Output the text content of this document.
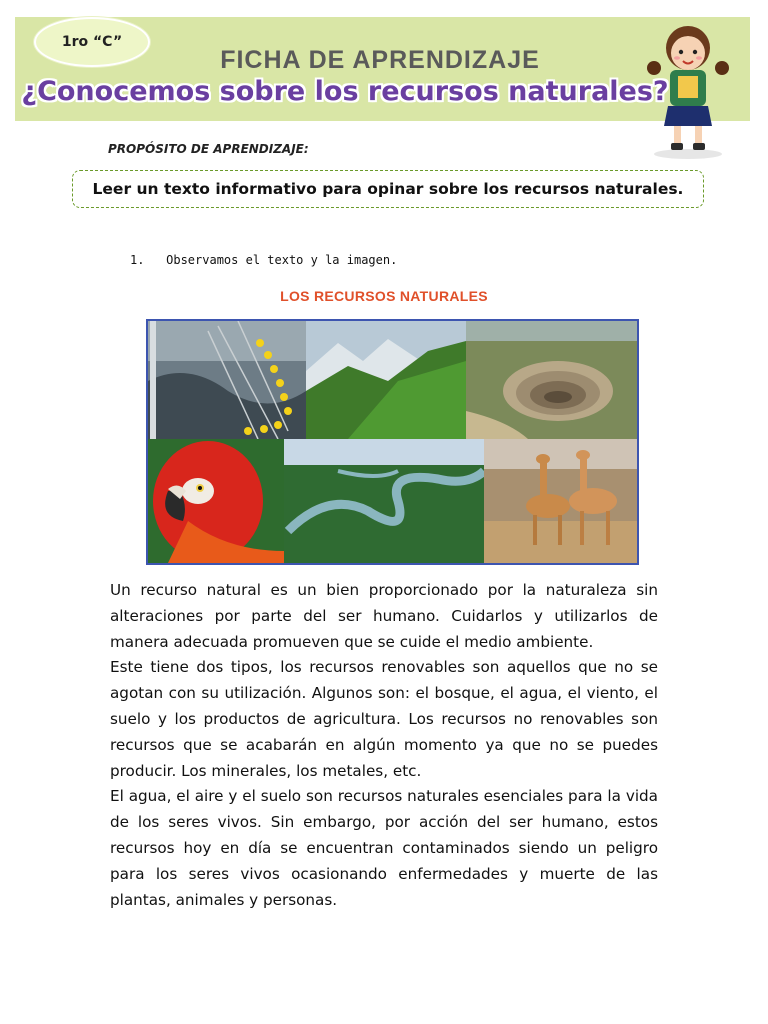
1ro “C”
FICHA DE APRENDIZAJE
¿Conocemos sobre los recursos naturales?
PROPÓSITO DE APRENDIZAJE:
Leer un texto informativo para opinar sobre los recursos naturales.
1.   Observamos el texto y la imagen.
LOS RECURSOS NATURALES

Un recurso natural es un bien proporcionado por la naturaleza sin alteraciones por parte del ser humano. Cuidarlos y utilizarlos de manera adecuada promueven que se cuide el medio ambiente.

Este tiene dos tipos, los recursos renovables son aquellos que no se agotan con su utilización. Algunos son: el bosque, el agua, el viento, el suelo y los productos de agricultura. Los recursos no renovables son recursos que se acabarán en algún momento ya que no se puedes producir. Los minerales, los metales, etc.

El agua, el aire y el suelo son recursos naturales esenciales para la vida de los seres vivos. Sin embargo, por acción del ser humano, estos recursos hoy en día se encuentran contaminados siendo un peligro para los seres vivos ocasionando enfermedades y muerte de las plantas, animales y personas.
